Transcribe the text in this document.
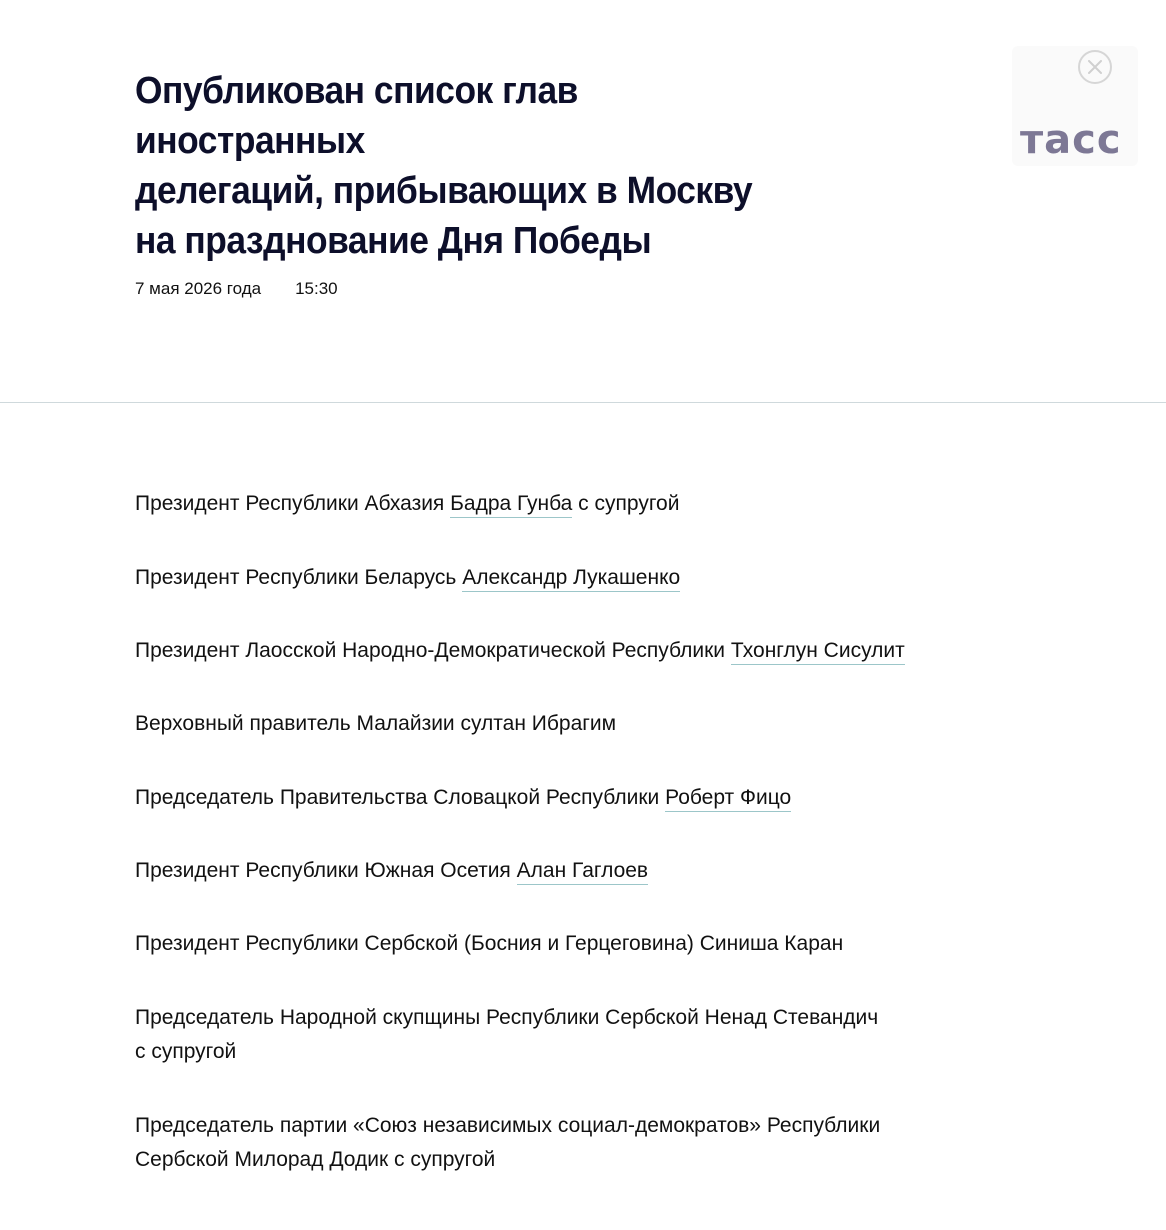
Опубликован список глав иностранных
делегаций, прибывающих в Москву
на празднование Дня Победы
7 мая 2026 года 15:30
тасс
Президент Республики Абхазия Бадра Гунба с супругой
Президент Республики Беларусь Александр Лукашенко
Президент Лаосской Народно-Демократической Республики Тхонглун Сисулит
Верховный правитель Малайзии султан Ибрагим
Председатель Правительства Словацкой Республики Роберт Фицо
Президент Республики Южная Осетия Алан Гаглоев
Президент Республики Сербской (Босния и Герцеговина) Синиша Каран
Председатель Народной скупщины Республики Сербской Ненад Стевандич
с супругой
Председатель партии «Союз независимых социал-демократов» Республики
Сербской Милорад Додик с супругой
